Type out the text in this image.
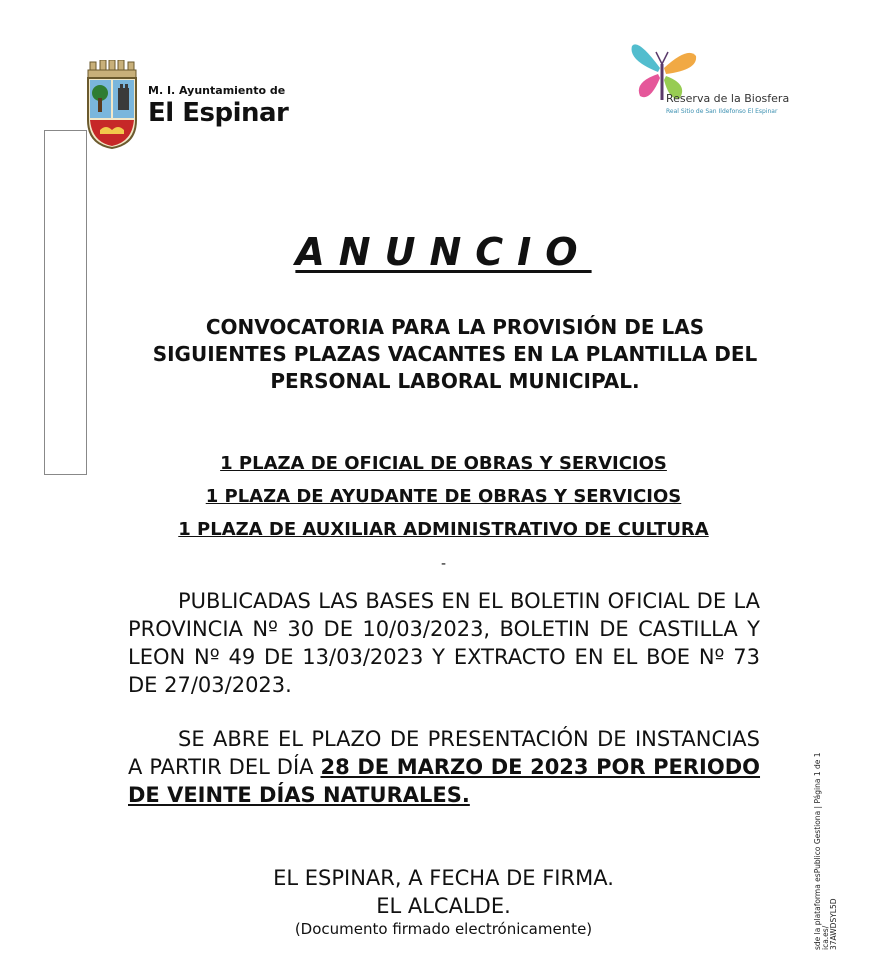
M. I. Ayuntamiento de
El Espinar	Reserva de la Biosfera
Real Sitio de San Ildefonso El Espinar
ANUNCIO
CONVOCATORIA PARA LA PROVISIÓN DE LAS SIGUIENTES PLAZAS VACANTES EN LA PLANTILLA DEL PERSONAL LABORAL MUNICIPAL.
1 PLAZA DE OFICIAL DE OBRAS Y SERVICIOS
1 PLAZA DE AYUDANTE DE OBRAS Y SERVICIOS
1 PLAZA DE AUXILIAR ADMINISTRATIVO DE CULTURA
-
PUBLICADAS LAS BASES EN EL BOLETIN OFICIAL DE LA PROVINCIA Nº 30 DE 10/03/2023, BOLETIN DE CASTILLA Y LEON Nº 49 DE 13/03/2023 Y EXTRACTO EN EL BOE Nº 73 DE 27/03/2023.
SE ABRE EL PLAZO DE PRESENTACIÓN DE INSTANCIAS A PARTIR DEL DÍA 28 DE MARZO DE 2023 POR PERIODO DE VEINTE DÍAS NATURALES.
EL ESPINAR, A FECHA DE FIRMA.
EL ALCALDE.
(Documento firmado electrónicamente)	sde la plataforma esPublico Gestiona | Página 1 de 1 ica.es/ 37AWDSYL5D
